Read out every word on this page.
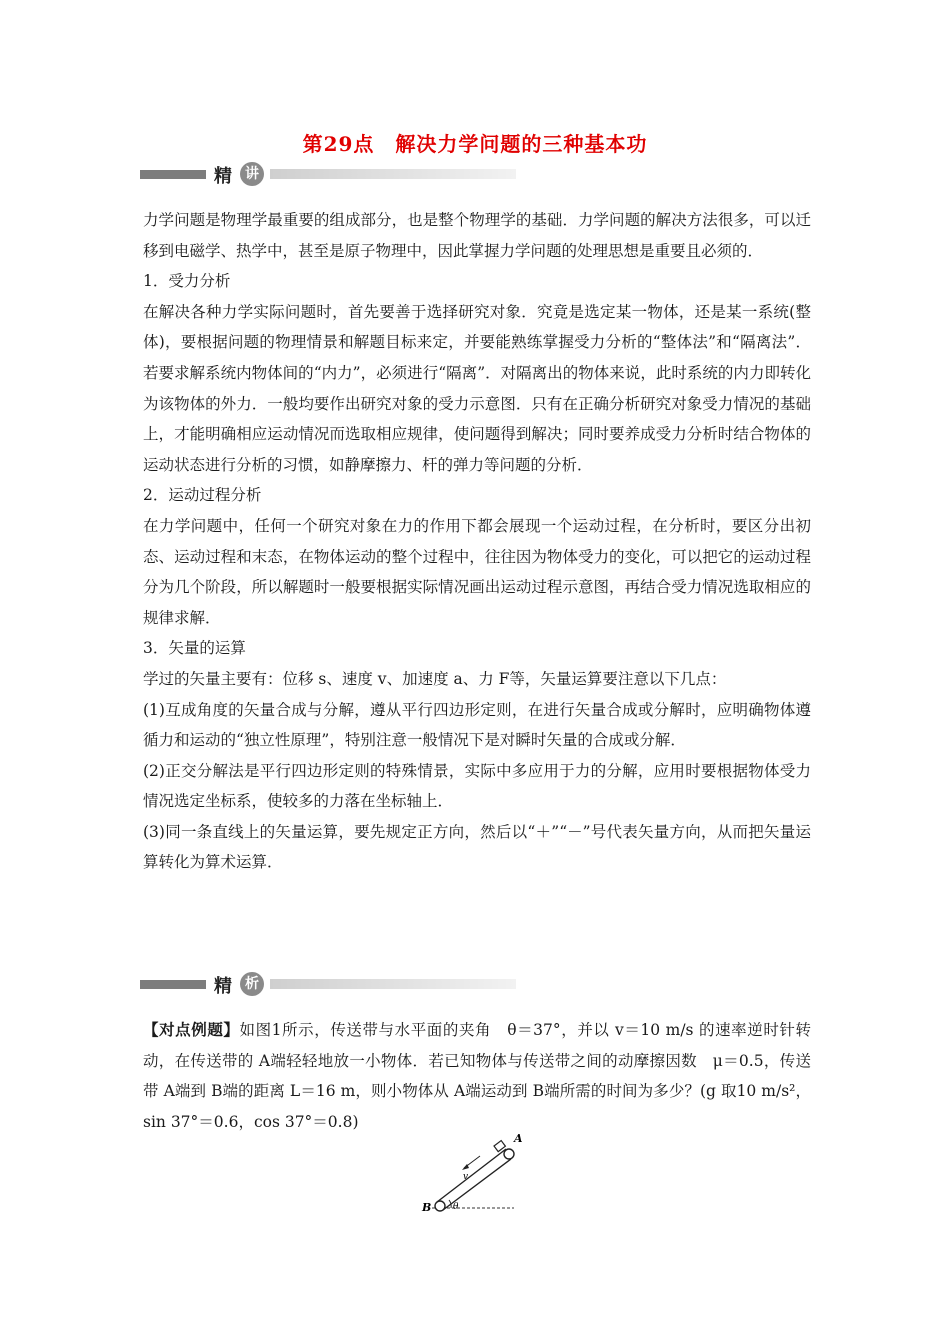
第29点　解决力学问题的三种基本功
精 讲

力学问题是物理学最重要的组成部分，也是整个物理学的基础．力学问题的解决方法很多，可以迁移到电磁学、热学中，甚至是原子物理中，因此掌握力学问题的处理思想是重要且必须的．

1．受力分析

在解决各种力学实际问题时，首先要善于选择研究对象．究竟是选定某一物体，还是某一系统(整体)，要根据问题的物理情景和解题目标来定，并要能熟练掌握受力分析的“整体法”和“隔离法”．若要求解系统内物体间的“内力”，必须进行“隔离”．对隔离出的物体来说，此时系统的内力即转化为该物体的外力．一般均要作出研究对象的受力示意图．只有在正确分析研究对象受力情况的基础上，才能明确相应运动情况而选取相应规律，使问题得到解决；同时要养成受力分析时结合物体的运动状态进行分析的习惯，如静摩擦力、杆的弹力等问题的分析．

2．运动过程分析

在力学问题中，任何一个研究对象在力的作用下都会展现一个运动过程，在分析时，要区分出初态、运动过程和末态，在物体运动的整个过程中，往往因为物体受力的变化，可以把它的运动过程分为几个阶段，所以解题时一般要根据实际情况画出运动过程示意图，再结合受力情况选取相应的规律求解．

3．矢量的运算

学过的矢量主要有：位移 s、速度 v、加速度 a、力 F等，矢量运算要注意以下几点：

(1)互成角度的矢量合成与分解，遵从平行四边形定则，在进行矢量合成或分解时，应明确物体遵循力和运动的“独立性原理”，特别注意一般情况下是对瞬时矢量的合成或分解．

(2)正交分解法是平行四边形定则的特殊情景，实际中多应用于力的分解，应用时要根据物体受力情况选定坐标系，使较多的力落在坐标轴上．

(3)同一条直线上的矢量运算，要先规定正方向，然后以“＋”“－”号代表矢量方向，从而把矢量运算转化为算术运算．

精 析
【对点例题】如图1所示，传送带与水平面的夹角　θ＝37°，并以 v＝10 m/s 的速率逆时针转动，在传送带的 A端轻轻地放一小物体．若已知物体与传送带之间的动摩擦因数　μ＝0.5，传送带 A端到 B端的距离 L＝16 m，则小物体从 A端运动到 B端所需的时间为多少？(g 取10 m/s²，sin 37°＝0.6，cos 37°＝0.8)
A
B
v
θ
